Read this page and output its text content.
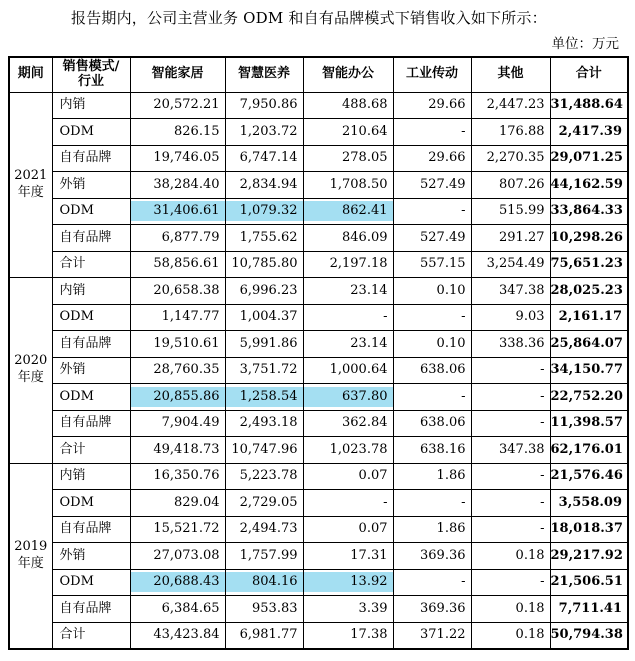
报告期内，公司主营业务 ODM 和自有品牌模式下销售收入如下所示：
单位：万元
期间	销售模式/
行业	智能家居	智慧医养	智能办公	工业传动	其他	合计
2021
年度	内销	20,572.21	7,950.86	488.68	29.66	2,447.23	31,488.64

	ODM	826.15	1,203.72	210.64	-	176.88	2,417.39

	自有品牌	19,746.05	6,747.14	278.05	29.66	2,270.35	29,071.25

	外销	38,284.40	2,834.94	1,708.50	527.49	807.26	44,162.59

	ODM	31,406.61	1,079.32	862.41	-	515.99	33,864.33

	自有品牌	6,877.79	1,755.62	846.09	527.49	291.27	10,298.26

	合计	58,856.61	10,785.80	2,197.18	557.15	3,254.49	75,651.23

2020
年度	内销	20,658.38	6,996.23	23.14	0.10	347.38	28,025.23

	ODM	1,147.77	1,004.37	-	-	9.03	2,161.17

	自有品牌	19,510.61	5,991.86	23.14	0.10	338.36	25,864.07

	外销	28,760.35	3,751.72	1,000.64	638.06	-	34,150.77

	ODM	20,855.86	1,258.54	637.80	-	-	22,752.20

	自有品牌	7,904.49	2,493.18	362.84	638.06	-	11,398.57

	合计	49,418.73	10,747.96	1,023.78	638.16	347.38	62,176.01

2019
年度	内销	16,350.76	5,223.78	0.07	1.86	-	21,576.46

	ODM	829.04	2,729.05	-	-	-	3,558.09

	自有品牌	15,521.72	2,494.73	0.07	1.86	-	18,018.37

	外销	27,073.08	1,757.99	17.31	369.36	0.18	29,217.92

	ODM	20,688.43	804.16	13.92	-	-	21,506.51

	自有品牌	6,384.65	953.83	3.39	369.36	0.18	7,711.41

	合计	43,423.84	6,981.77	17.38	371.22	0.18	50,794.38
